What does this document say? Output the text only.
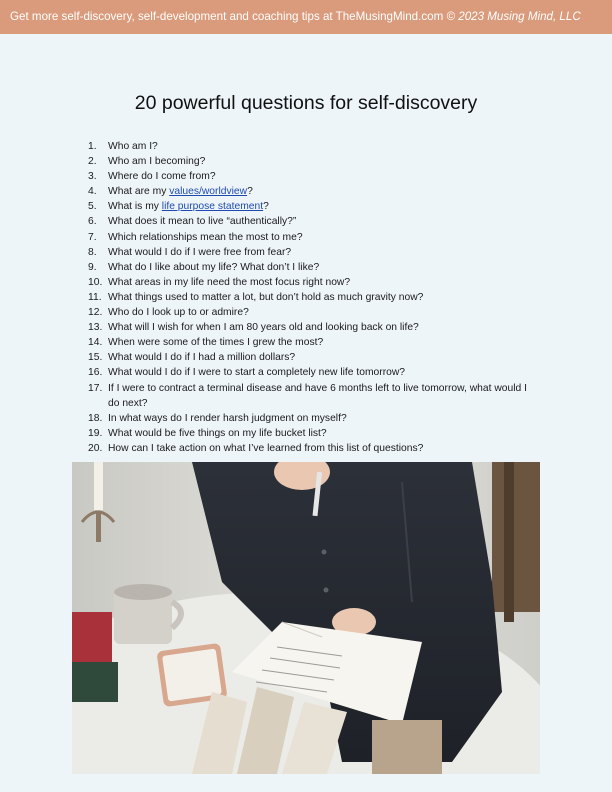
Get more self-discovery, self-development and coaching tips at TheMusingMind.com © 2023 Musing Mind, LLC
20 powerful questions for self-discovery
1.	Who am I?
2.	Who am I becoming?
3.	Where do I come from?
4.	What are my values/worldview?
5.	What is my life purpose statement?
6.	What does it mean to live “authentically?”
7.	Which relationships mean the most to me?
8.	What would I do if I were free from fear?
9.	What do I like about my life? What don’t I like?
10. What areas in my life need the most focus right now?
11. What things used to matter a lot, but don’t hold as much gravity now?
12. Who do I look up to or admire?
13. What will I wish for when I am 80 years old and looking back on life?
14. When were some of the times I grew the most?
15. What would I do if I had a million dollars?
16. What would I do if I were to start a completely new life tomorrow?
17. If I were to contract a terminal disease and have 6 months left to live tomorrow, what would I do next?
18. In what ways do I render harsh judgment on myself?
19. What would be five things on my life bucket list?
20. How can I take action on what I’ve learned from this list of questions?
